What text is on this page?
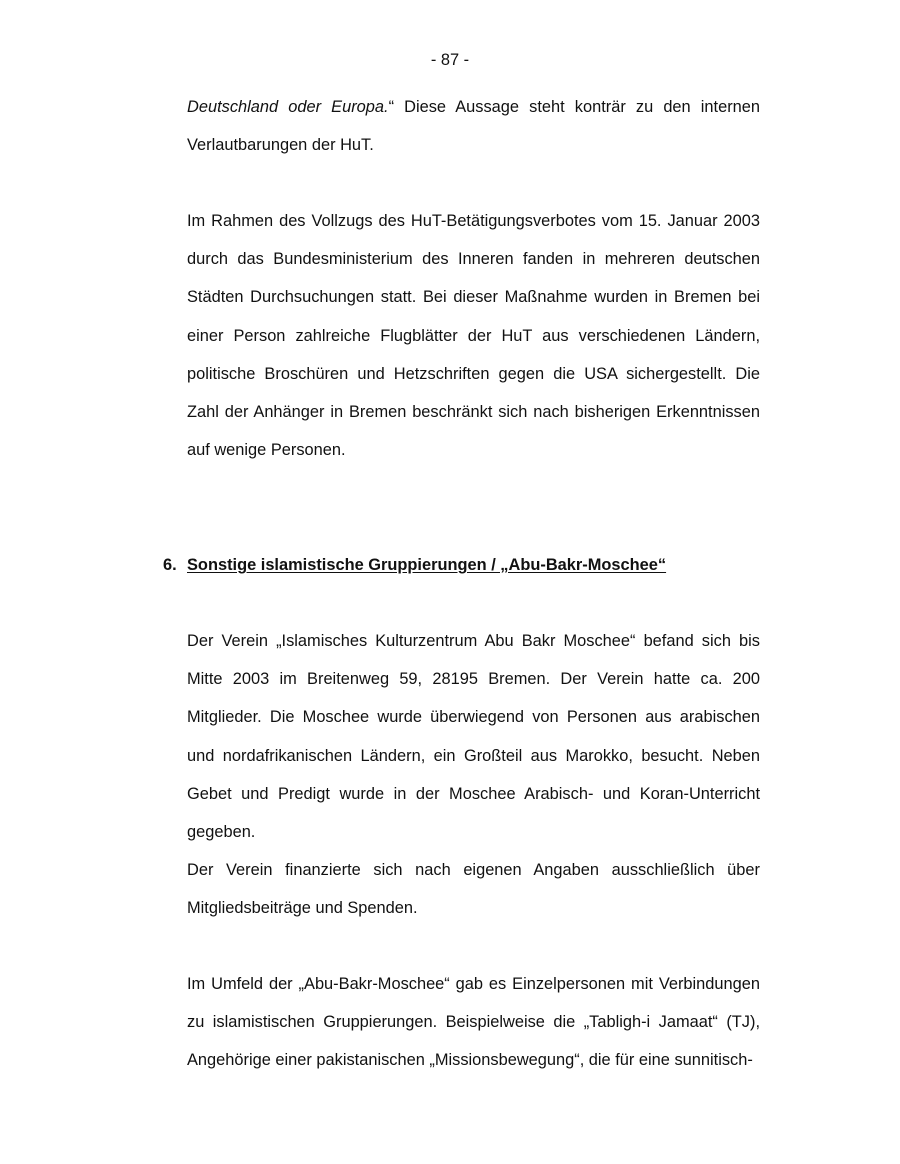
- 87 -

Deutschland oder Europa.“ Diese Aussage steht konträr zu den internen Verlautbarungen der HuT.

Im Rahmen des Vollzugs des HuT-Betätigungsverbotes vom 15. Januar 2003 durch das Bundesministerium des Inneren fanden in mehreren deutschen Städten Durchsuchungen statt. Bei dieser Maßnahme wurden in Bremen bei einer Person zahlreiche Flugblätter der HuT aus verschiedenen Ländern, politische Broschüren und Hetzschriften gegen die USA sichergestellt. Die Zahl der Anhänger in Bremen beschränkt sich nach bisherigen Erkenntnissen auf wenige Personen.

6. Sonstige islamistische Gruppierungen / „Abu-Bakr-Moschee“

Der Verein „Islamisches Kulturzentrum Abu Bakr Moschee“ befand sich bis Mitte 2003 im Breitenweg 59, 28195 Bremen. Der Verein hatte ca. 200 Mitglieder. Die Moschee wurde überwiegend von Personen aus arabischen und nordafrikanischen Ländern, ein Großteil aus Marokko, besucht. Neben Gebet und Predigt wurde in der Moschee Arabisch- und Koran-Unterricht gegeben.

Der Verein finanzierte sich nach eigenen Angaben ausschließlich über Mitgliedsbeiträge und Spenden.

Im Umfeld der „Abu-Bakr-Moschee“ gab es Einzelpersonen mit Verbindungen zu islamistischen Gruppierungen. Beispielweise die „Tabligh-i Jamaat“ (TJ), Angehörige einer pakistanischen „Missionsbewegung“, die für eine sunnitisch-
